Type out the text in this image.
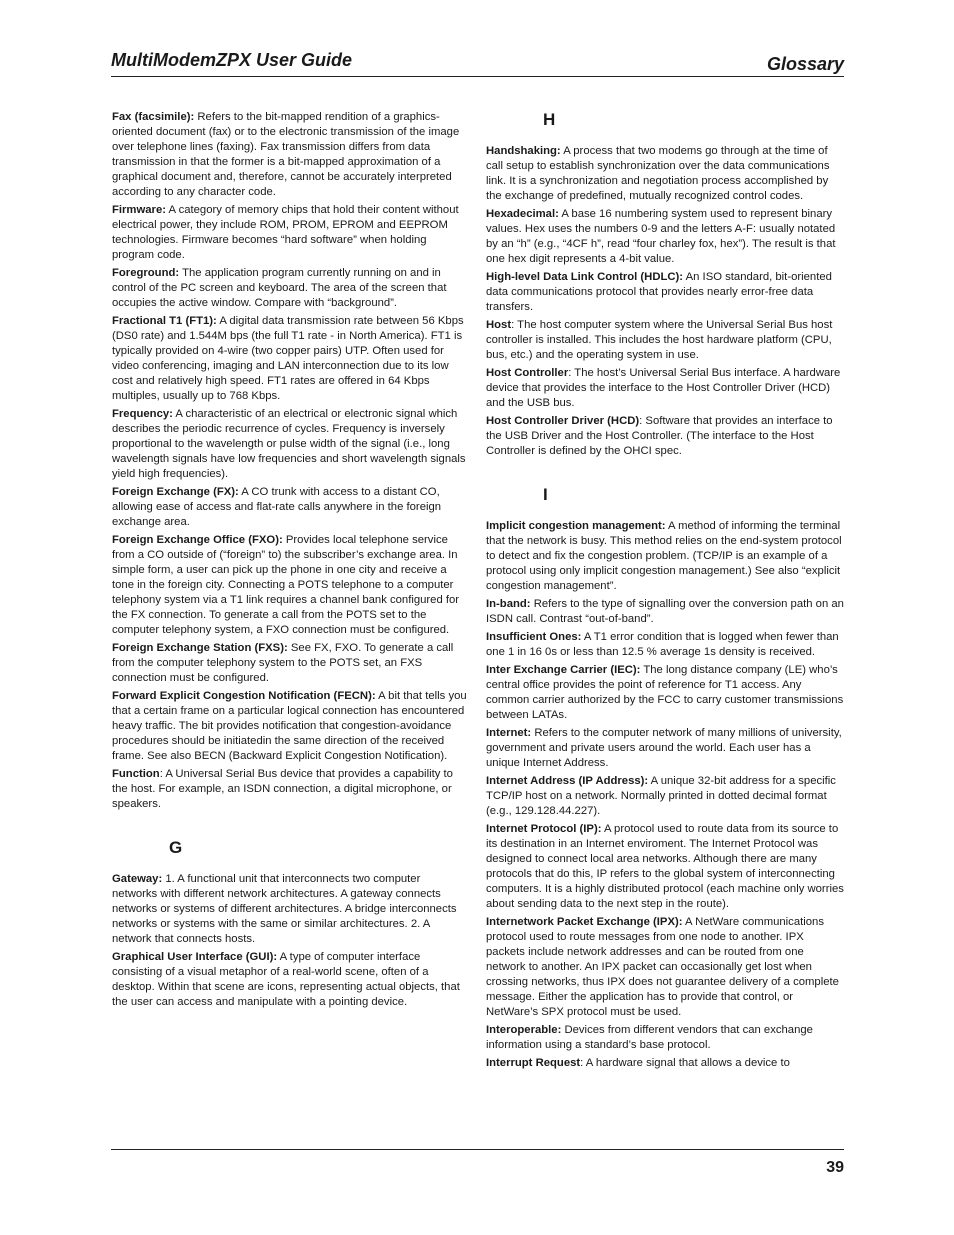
MultiModemZPX User Guide	Glossary
Fax (facsimile): Refers to the bit-mapped rendition of a graphics-oriented document (fax) or to the electronic transmission of the image over telephone lines (faxing). Fax transmission differs from data transmission in that the former is a bit-mapped approximation of a graphical document and, therefore, cannot be accurately interpreted according to any character code.
Firmware: A category of memory chips that hold their content without electrical power, they include ROM, PROM, EPROM and EEPROM technologies. Firmware becomes “hard software” when holding program code.
Foreground: The application program currently running on and in control of the PC screen and keyboard. The area of the screen that occupies the active window. Compare with “background”.
Fractional T1 (FT1): A digital data transmission rate between 56 Kbps (DS0 rate) and 1.544M bps (the full T1 rate - in North America). FT1 is typically provided on 4-wire (two copper pairs) UTP. Often used for video conferencing, imaging and LAN interconnection due to its low cost and relatively high speed. FT1 rates are offered in 64 Kbps multiples, usually up to 768 Kbps.
Frequency: A characteristic of an electrical or electronic signal which describes the periodic recurrence of cycles. Frequency is inversely proportional to the wavelength or pulse width of the signal (i.e., long wavelength signals have low frequencies and short wavelength signals yield high frequencies).
Foreign Exchange (FX): A CO trunk with access to a distant CO, allowing ease of access and flat-rate calls anywhere in the foreign exchange area.
Foreign Exchange Office (FXO): Provides local telephone service from a CO outside of (“foreign” to) the subscriber’s exchange area. In simple form, a user can pick up the phone in one city and receive a tone in the foreign city. Connecting a POTS telephone to a computer telephony system via a T1 link requires a channel bank configured for the FX connection. To generate a call from the POTS set to the computer telephony system, a FXO connection must be configured.
Foreign Exchange Station (FXS): See FX, FXO. To generate a call from the computer telephony system to the POTS set, an FXS connection must be configured.
Forward Explicit Congestion Notification (FECN): A bit that tells you that a certain frame on a particular logical connection has encountered heavy traffic. The bit provides notification that congestion-avoidance procedures should be initiatedin the same direction of the received frame. See also BECN (Backward Explicit Congestion Notification).
Function: A Universal Serial Bus device that provides a capability to the host. For example, an ISDN connection, a digital microphone, or speakers.
G
Gateway: 1. A functional unit that interconnects two computer networks with different network architectures. A gateway connects networks or systems of different architectures. A bridge interconnects networks or systems with the same or similar architectures. 2. A network that connects hosts.
Graphical User Interface (GUI): A type of computer interface consisting of a visual metaphor of a real-world scene, often of a desktop. Within that scene are icons, representing actual objects, that the user can access and manipulate with a pointing device.
H
Handshaking: A process that two modems go through at the time of call setup to establish synchronization over the data communications link. It is a synchronization and negotiation process accomplished by the exchange of predefined, mutually recognized control codes.
Hexadecimal: A base 16 numbering system used to represent binary values. Hex uses the numbers 0-9 and the letters A-F: usually notated by an “h” (e.g., “4CF h”, read “four charley fox, hex”). The result is that one hex digit represents a 4-bit value.
High-level Data Link Control (HDLC): An ISO standard, bit-oriented data communications protocol that provides nearly error-free data transfers.
Host: The host computer system where the Universal Serial Bus host controller is installed. This includes the host hardware platform (CPU, bus, etc.) and the operating system in use.
Host Controller: The host’s Universal Serial Bus interface. A hardware device that provides the interface to the Host Controller Driver (HCD) and the USB bus.
Host Controller Driver (HCD): Software that provides an interface to the USB Driver and the Host Controller. (The interface to the Host Controller is defined by the OHCI spec.
I
Implicit congestion management: A method of informing the terminal that the network is busy. This method relies on the end-system protocol to detect and fix the congestion problem. (TCP/IP is an example of a protocol using only implicit congestion management.) See also “explicit congestion management”.
In-band: Refers to the type of signalling over the conversion path on an ISDN call. Contrast “out-of-band”.
Insufficient Ones: A T1 error condition that is logged when fewer than one 1 in 16 0s or less than 12.5 % average 1s density is received.
Inter Exchange Carrier (IEC): The long distance company (LE) who’s central office provides the point of reference for T1 access. Any common carrier authorized by the FCC to carry customer transmissions between LATAs.
Internet: Refers to the computer network of many millions of university, government and private users around the world. Each user has a unique Internet Address.
Internet Address (IP Address): A unique 32-bit address for a specific TCP/IP host on a network. Normally printed in dotted decimal format (e.g., 129.128.44.227).
Internet Protocol (IP): A protocol used to route data from its source to its destination in an Internet enviroment. The Internet Protocol was designed to connect local area networks. Although there are many protocols that do this, IP refers to the global system of interconnecting computers. It is a highly distributed protocol (each machine only worries about sending data to the next step in the route).
Internetwork Packet Exchange (IPX): A NetWare communications protocol used to route messages from one node to another. IPX packets include network addresses and can be routed from one network to another. An IPX packet can occasionally get lost when crossing networks, thus IPX does not guarantee delivery of a complete message. Either the application has to provide that control, or NetWare’s SPX protocol must be used.
Interoperable: Devices from different vendors that can exchange information using a standard’s base protocol.
Interrupt Request: A hardware signal that allows a device to
39
